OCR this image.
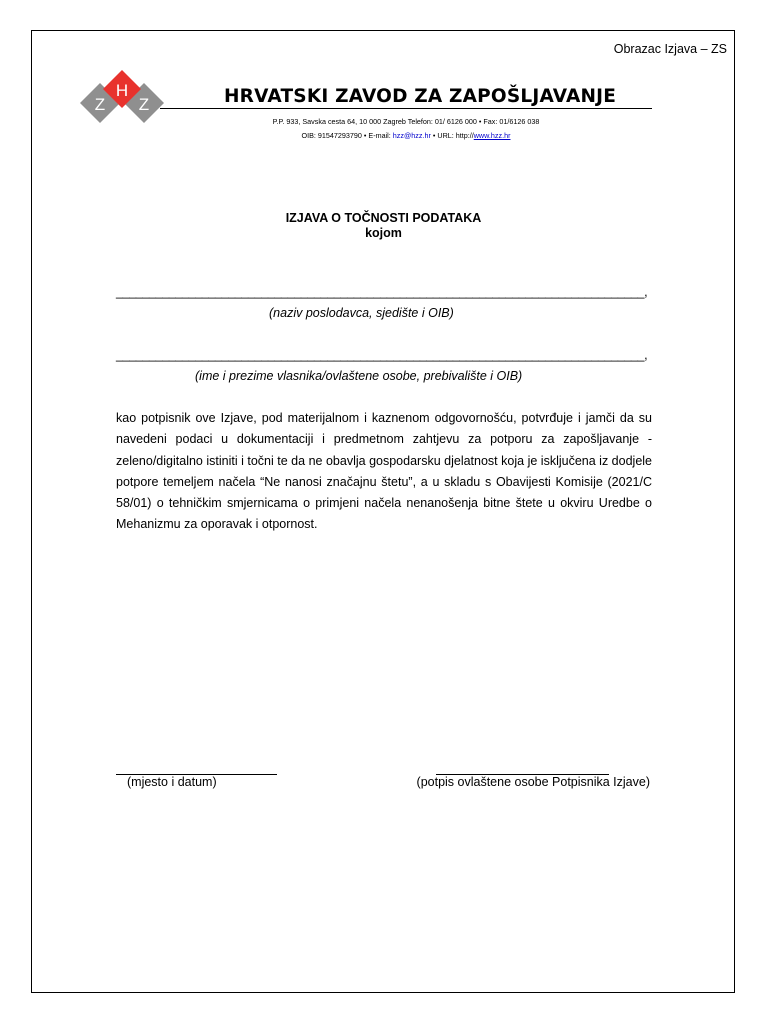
Obrazac Izjava – ZS
H
Z Z	HRVATSKI ZAVOD ZA ZAPOŠLJAVANJE
P.P. 933, Savska cesta 64, 10 000 Zagreb Telefon: 01/ 6126 000 • Fax: 01/6126 038
OIB: 91547293790 • E-mail: hzz@hzz.hr • URL: http://www.hzz.hr
IZJAVA O TOČNOSTI PODATAKA
kojom
________________________________________________________________________________,
(naziv poslodavca, sjedište i OIB)
________________________________________________________________________________,
(ime i prezime vlasnika/ovlaštene osobe, prebivalište i OIB)

kao potpisnik ove Izjave, pod materijalnom i kaznenom odgovornošću, potvrđuje i jamči da su navedeni podaci u dokumentaciji i predmetnom zahtjevu za potporu za zapošljavanje - zeleno/digitalno istiniti i točni te da ne obavlja gospodarsku djelatnost koja je isključena iz dodjele potpore temeljem načela “Ne nanosi značajnu štetu”, a u skladu s Obavijesti Komisije (2021/C 58/01) o tehničkim smjernicama o primjeni načela nenanošenja bitne štete u okviru Uredbe o Mehanizmu za oporavak i otpornost.

(mjesto i datum)	(potpis ovlaštene osobe Potpisnika Izjave)
